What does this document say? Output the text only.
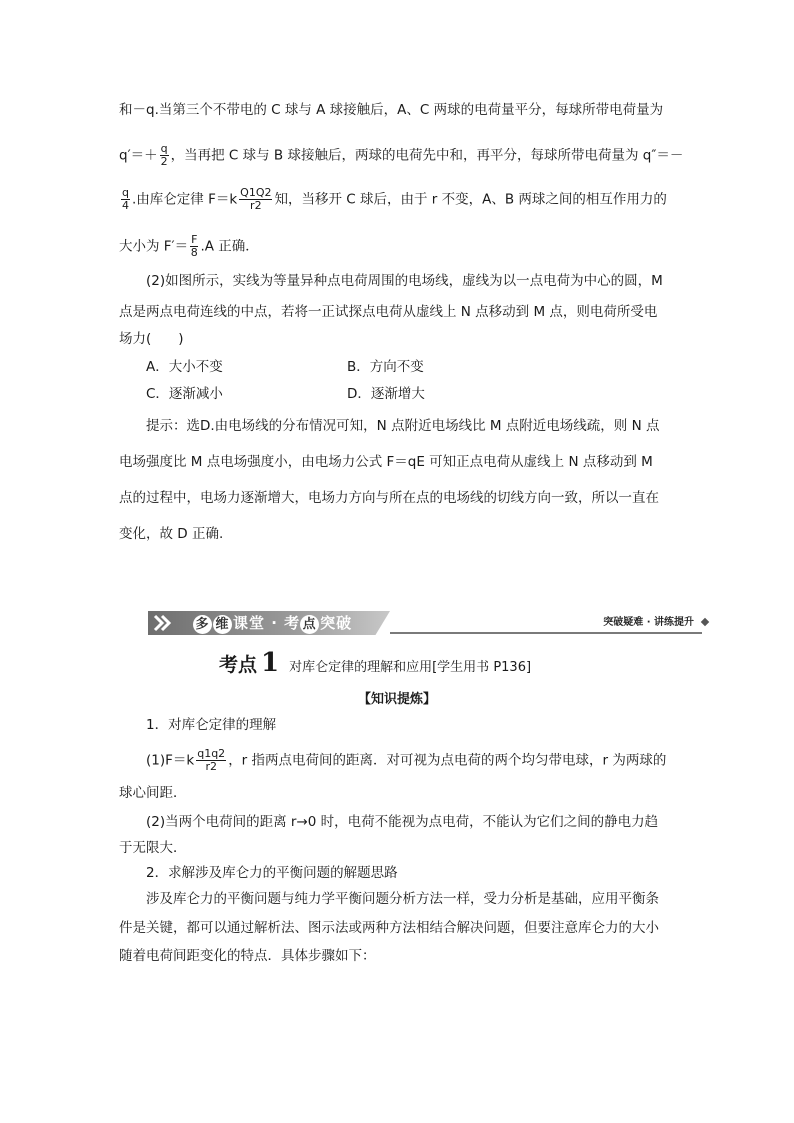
和－q.当第三个不带电的 C 球与 A 球接触后，A、C 两球的电荷量平分，每球所带电荷量为
$q'=+ \frac{q}{2}$ ，当再把 C 球与 B 球接触后，两球的电荷先中和，再平分，每球所带电荷量为 q″＝－
$\frac{q}{4}$ .由库仑定律 $F=k \frac{Q1Q2}{r2}$ 知，当移开 C 球后，由于 r 不变，A、B 两球之间的相互作用力的
大小为 $F'= \frac{F}{8} .A$ 正确．
(2)如图所示，实线为等量异种点电荷周围的电场线，虚线为以一点电荷为中心的圆，M
点是两点电荷连线的中点，若将一正试探点电荷从虚线上 N 点移动到 M 点，则电荷所受电
场力(　　)
A．大小不变	B．方向不变
C．逐渐减小	D．逐渐增大
提示：选D.由电场线的分布情况可知，N 点附近电场线比 M 点附近电场线疏，则 N 点
电场强度比 M 点电场强度小，由电场力公式 F＝qE 可知正点电荷从虚线上 N 点移动到 M
点的过程中，电场力逐渐增大，电场力方向与所在点的电场线的切线方向一致，所以一直在
变化，故 D 正确.
多 维 课堂 · 考 点 突破	突破疑难 · 讲练提升
考点 1 对库仑定律的理解和应用[学生用书 P136]
【知识提炼】
1．对库仑定律的理解
$(1)F=k \frac{q1q2}{r2}$ ，r 指两点电荷间的距离．对可视为点电荷的两个均匀带电球，r 为两球的
球心间距．
(2)当两个电荷间的距离 r→0 时，电荷不能视为点电荷，不能认为它们之间的静电力趋
于无限大．
2．求解涉及库仑力的平衡问题的解题思路
涉及库仑力的平衡问题与纯力学平衡问题分析方法一样，受力分析是基础，应用平衡条
件是关键，都可以通过解析法、图示法或两种方法相结合解决问题，但要注意库仑力的大小
随着电荷间距变化的特点．具体步骤如下：
